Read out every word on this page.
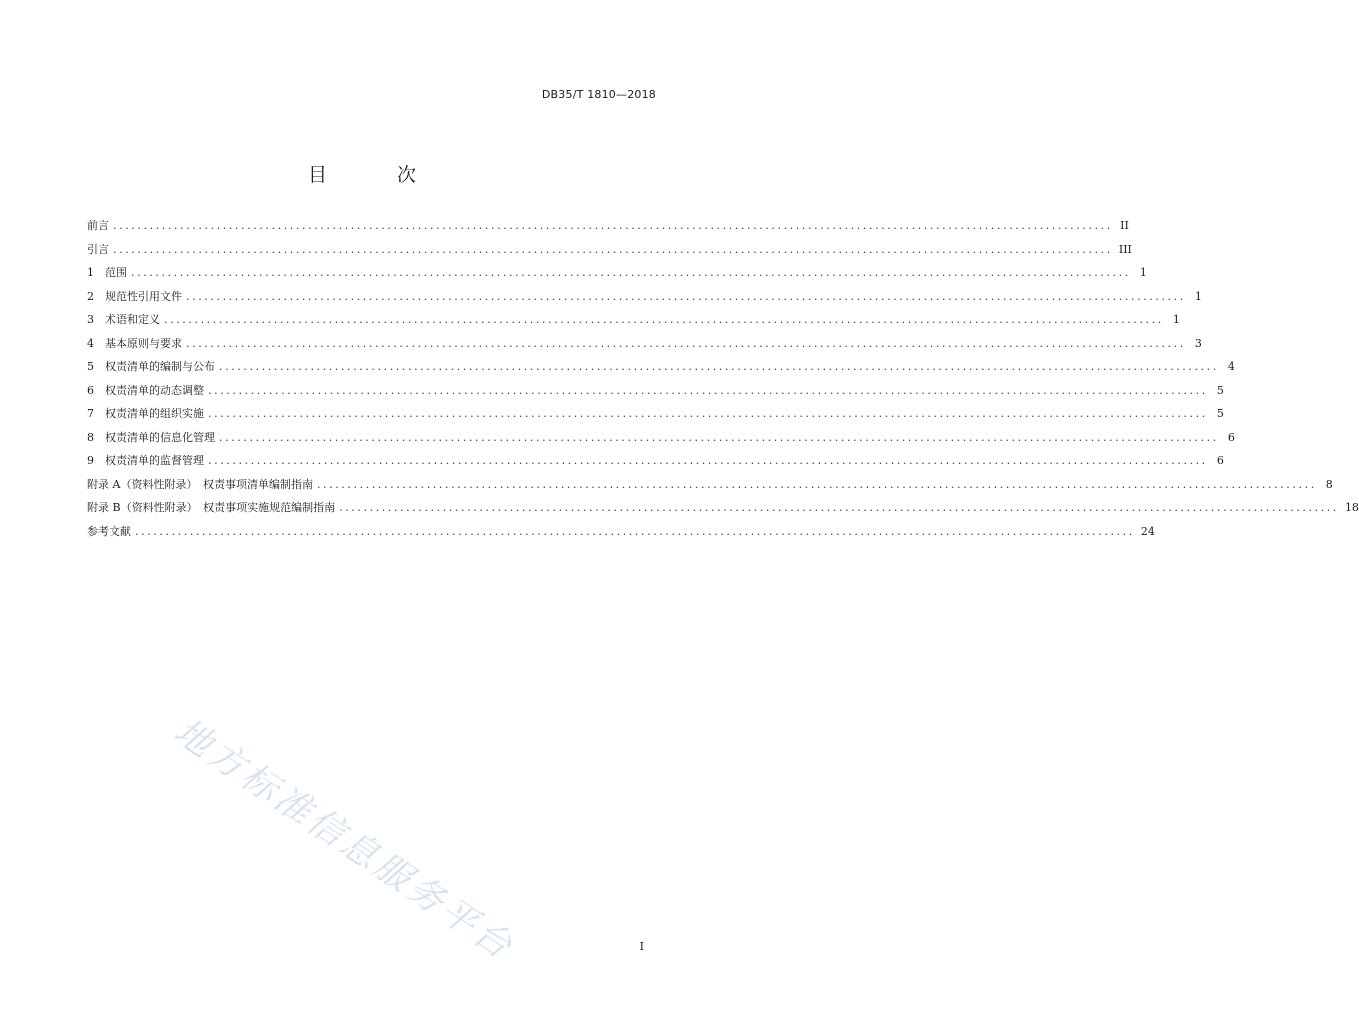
DB35/T 1810—2018
目 次
前言 .................................................................................................................................................................... II
引言 .................................................................................................................................................................... III
1	范围 .................................................................................................................................................................... 1
2	规范性引用文件 .................................................................................................................................................................... 1
3	术语和定义 .................................................................................................................................................................... 1
4	基本原则与要求 .................................................................................................................................................................... 3
5	权责清单的编制与公布 .................................................................................................................................................................... 4
6	权责清单的动态调整 .................................................................................................................................................................... 5
7	权责清单的组织实施 .................................................................................................................................................................... 5
8	权责清单的信息化管理 .................................................................................................................................................................... 6
9	权责清单的监督管理 .................................................................................................................................................................... 6
附录 A（资料性附录）　权责事项清单编制指南 .................................................................................................................................................................... 8
附录 B（资料性附录）　权责事项实施规范编制指南 .................................................................................................................................................................... 18
参考文献 .................................................................................................................................................................... 24
地方标准信息服务平台	I
